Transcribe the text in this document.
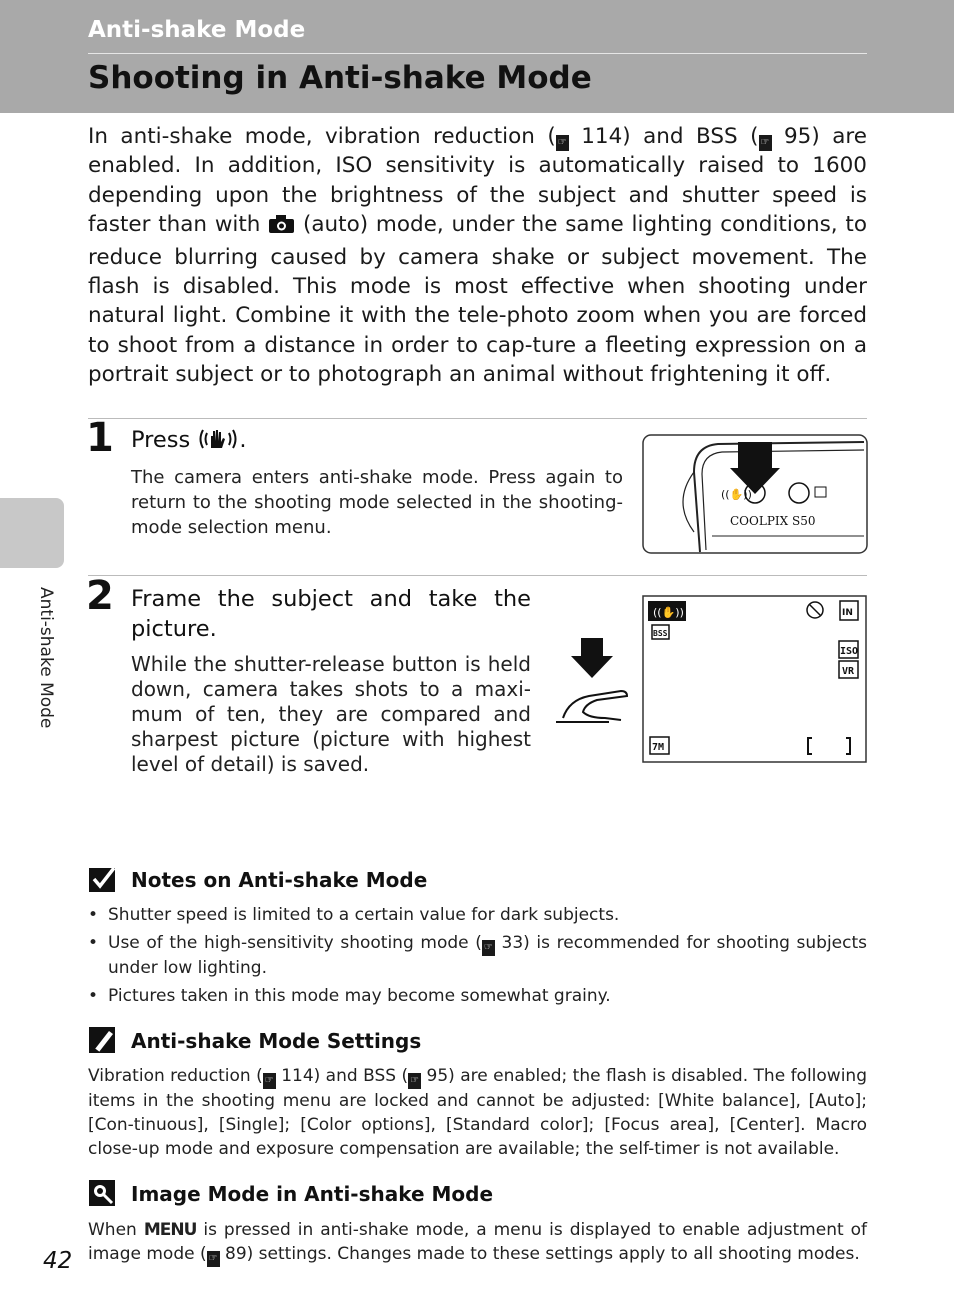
Anti-shake Mode
Shooting in Anti-shake Mode
Anti-shake Mode

In anti-shake mode, vibration reduction ( ☞ 114) and BSS ( ☞ 95) are enabled. In addition, ISO sensitivity is automatically raised to 1600 depending upon the brightness of the subject and shutter speed is faster than with (auto) mode, under the same lighting conditions, to reduce blurring caused by camera shake or subject movement. The flash is disabled. This mode is most effective when shooting under natural light. Combine it with the tele-photo zoom when you are forced to shoot from a distance in order to cap-ture a fleeting expression on a portrait subject or to photograph an animal without frightening it off.

1 Press .

The camera enters anti-shake mode. Press again to return to the shooting mode selected in the shooting-mode selection menu.

((✋))
COOLPIX S50
2 Frame the subject and take the picture.

While the shutter-release button is held down, camera takes shots to a maxi-mum of ten, they are compared and sharpest picture (picture with highest level of detail) is saved.

((✋))
BSS
IN
ISO
VR
7M
Notes on Anti-shake Mode
• Shutter speed is limited to a certain value for dark subjects.
• Use of the high-sensitivity shooting mode ( ☞ 33) is recommended for shooting subjects under low lighting.
• Pictures taken in this mode may become somewhat grainy.
Anti-shake Mode Settings

Vibration reduction ( ☞ 114) and BSS ( ☞ 95) are enabled; the flash is disabled. The following items in the shooting menu are locked and cannot be adjusted: [White balance], [Auto]; [Con-tinuous], [Single]; [Color options], [Standard color]; [Focus area], [Center]. Macro close-up mode and exposure compensation are available; the self-timer is not available.

Image Mode in Anti-shake Mode

When MENU is pressed in anti-shake mode, a menu is displayed to enable adjustment of image mode ( ☞ 89) settings. Changes made to these settings apply to all shooting modes.

42
